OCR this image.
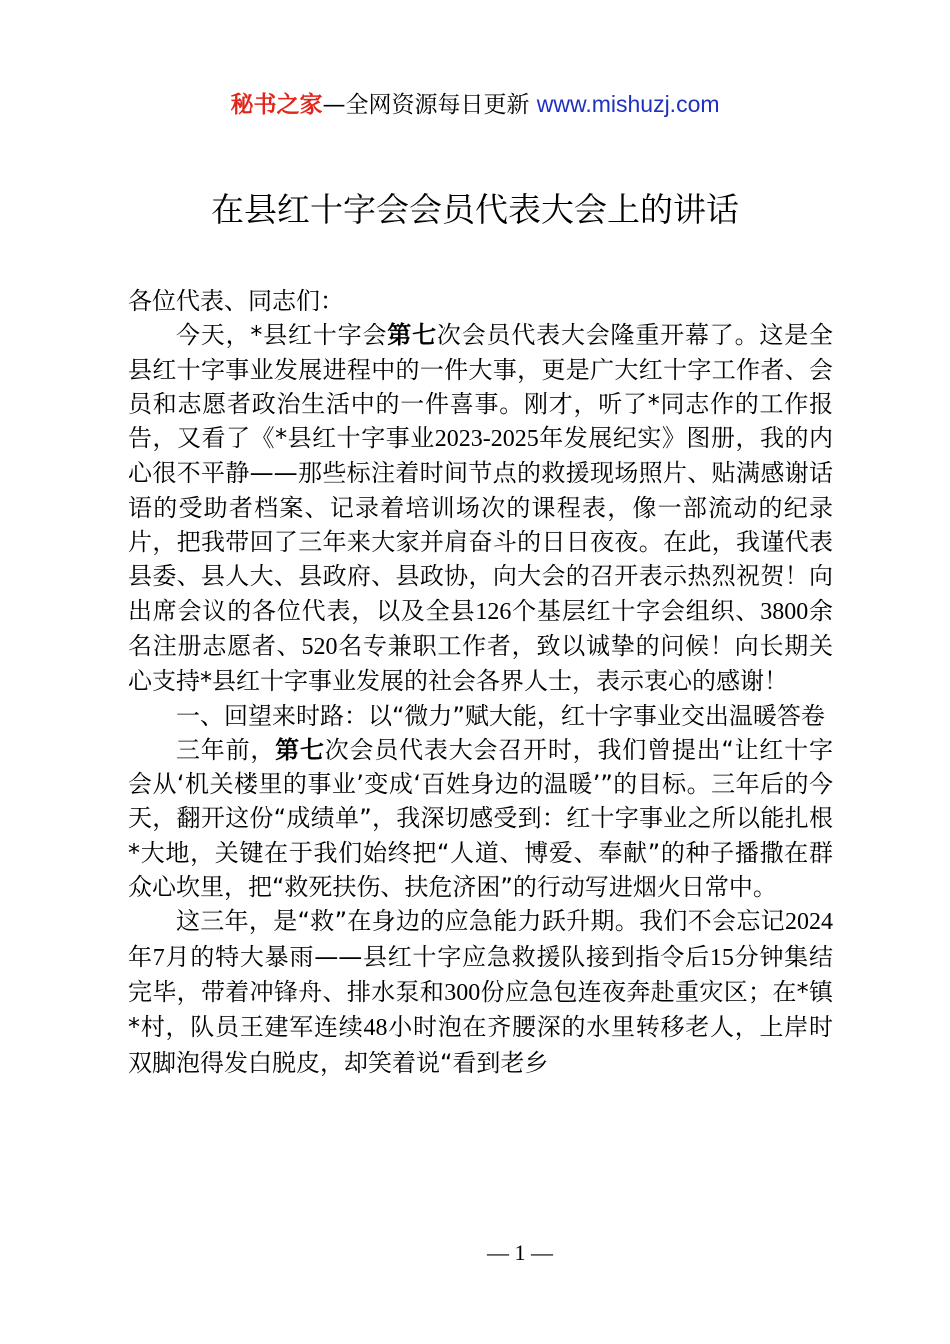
秘书之家—全网资源每日更新 www.mishuzj.com
在县红十字会会员代表大会上的讲话

各位代表、同志们：

今天，*县红十字会第七次会员代表大会隆重开幕了。这是全县红十字事业发展进程中的一件大事，更是广大红十字工作者、会员和志愿者政治生活中的一件喜事。刚才，听了*同志作的工作报告，又看了《*县红十字事业2023-2025年发展纪实》图册，我的内心很不平静——那些标注着时间节点的救援现场照片、贴满感谢话语的受助者档案、记录着培训场次的课程表，像一部流动的纪录片，把我带回了三年来大家并肩奋斗的日日夜夜。在此，我谨代表县委、县人大、县政府、县政协，向大会的召开表示热烈祝贺！向出席会议的各位代表，以及全县126个基层红十字会组织、3800余名注册志愿者、520名专兼职工作者，致以诚挚的问候！向长期关心支持*县红十字事业发展的社会各界人士，表示衷心的感谢！

一、回望来时路：以“微力”赋大能，红十字事业交出温暖答卷

三年前，第七次会员代表大会召开时，我们曾提出“让红十字会从‘机关楼里的事业’变成‘百姓身边的温暖’”的目标。三年后的今天，翻开这份“成绩单”，我深切感受到：红十字事业之所以能扎根*大地，关键在于我们始终把“人道、博爱、奉献”的种子播撒在群众心坎里，把“救死扶伤、扶危济困”的行动写进烟火日常中。

这三年，是“救”在身边的应急能力跃升期。我们不会忘记2024年7月的特大暴雨——县红十字应急救援队接到指令后15分钟集结完毕，带着冲锋舟、排水泵和300份应急包连夜奔赴重灾区；在*镇*村，队员王建军连续48小时泡在齐腰深的水里转移老人，上岸时双脚泡得发白脱皮，却笑着说“看到老乡

— 1 —
